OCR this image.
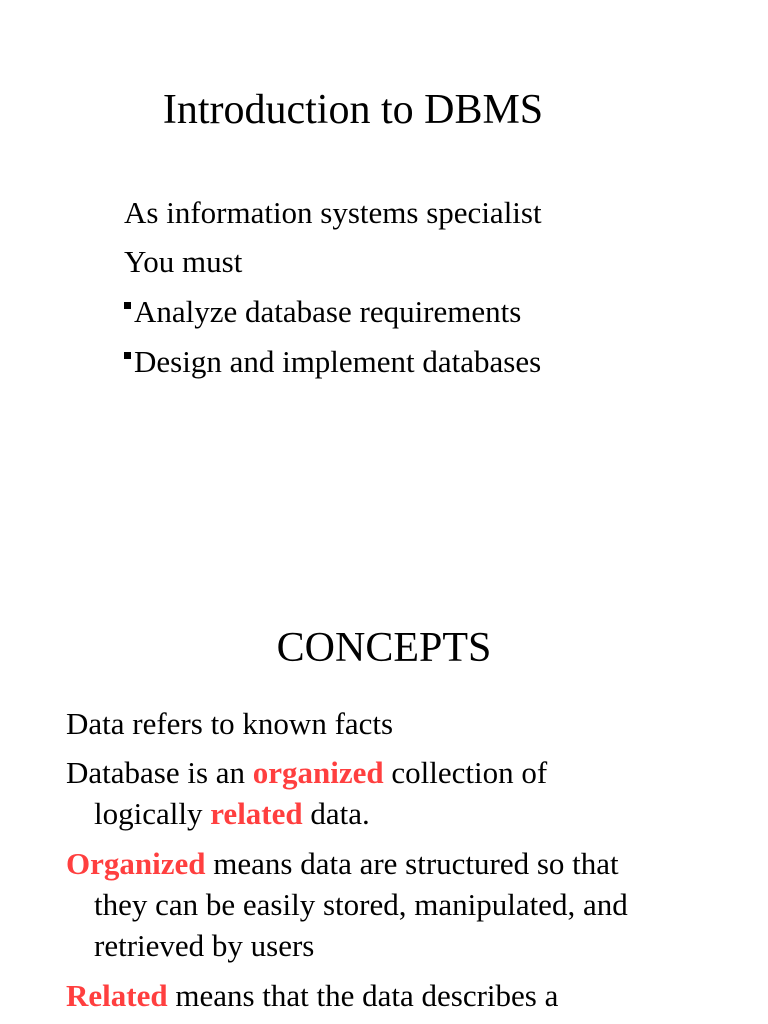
Introduction to DBMS
As information systems specialist
You must
Analyze database requirements
Design and implement databases
CONCEPTS
Data refers to known facts
Database is an organized collection of
logically related data.
Organized means data are structured so that
they can be easily stored, manipulated, and
retrieved by users
Related means that the data describes a
